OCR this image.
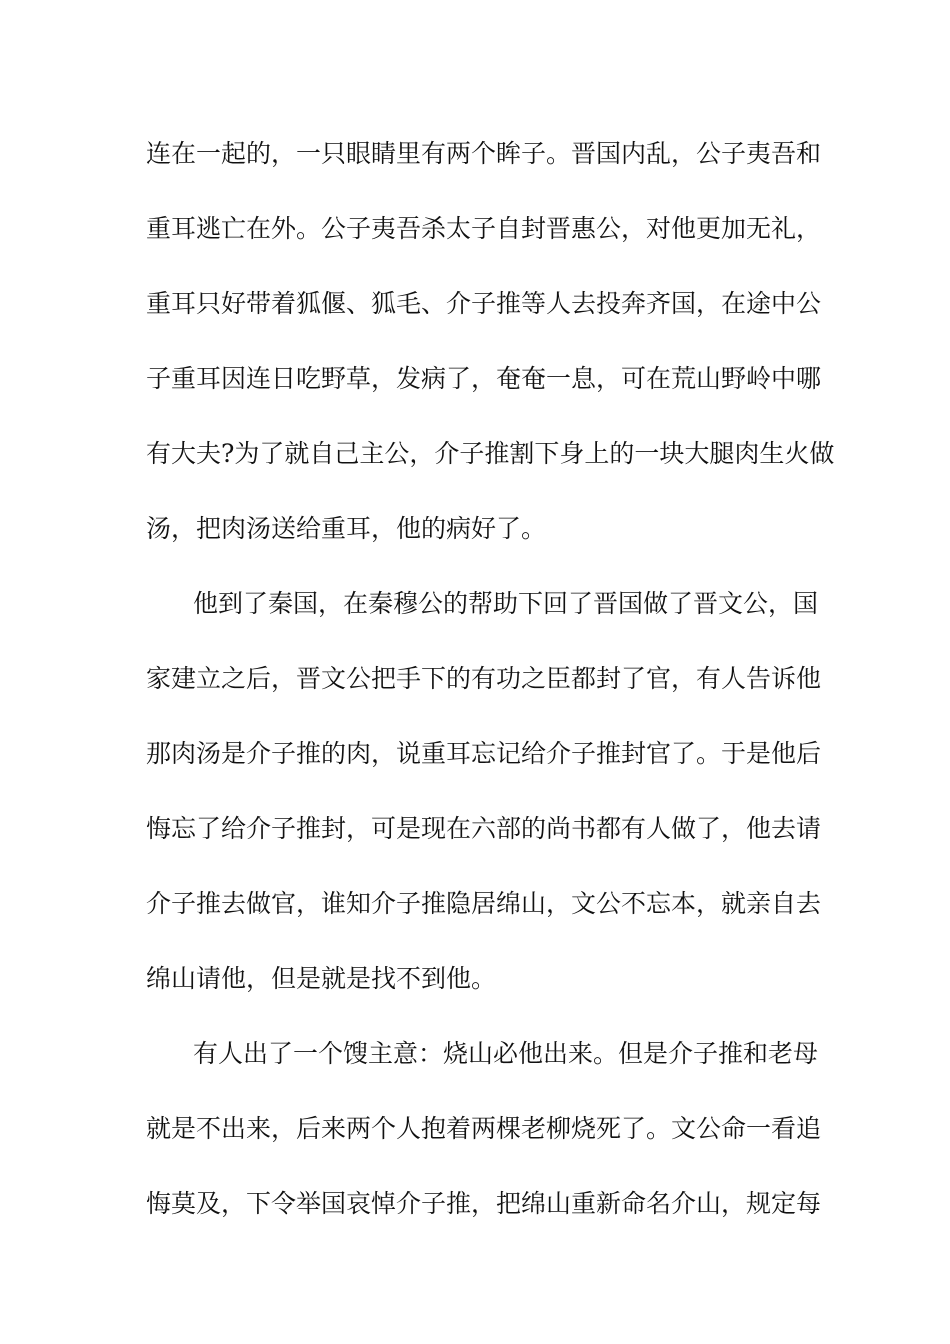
连在一起的，一只眼睛里有两个眸子。晋国内乱，公子夷吾和
重耳逃亡在外。公子夷吾杀太子自封晋惠公，对他更加无礼，
重耳只好带着狐偃、狐毛、介子推等人去投奔齐国，在途中公
子重耳因连日吃野草，发病了，奄奄一息，可在荒山野岭中哪
有大夫?为了就自己主公，介子推割下身上的一块大腿肉生火做
汤，把肉汤送给重耳，他的病好了。
他到了秦国，在秦穆公的帮助下回了晋国做了晋文公，国
家建立之后，晋文公把手下的有功之臣都封了官，有人告诉他
那肉汤是介子推的肉，说重耳忘记给介子推封官了。于是他后
悔忘了给介子推封，可是现在六部的尚书都有人做了，他去请
介子推去做官，谁知介子推隐居绵山，文公不忘本，就亲自去
绵山请他，但是就是找不到他。
有人出了一个馊主意：烧山必他出来。但是介子推和老母
就是不出来，后来两个人抱着两棵老柳烧死了。文公命一看追
悔莫及，下令举国哀悼介子推，把绵山重新命名介山，规定每
